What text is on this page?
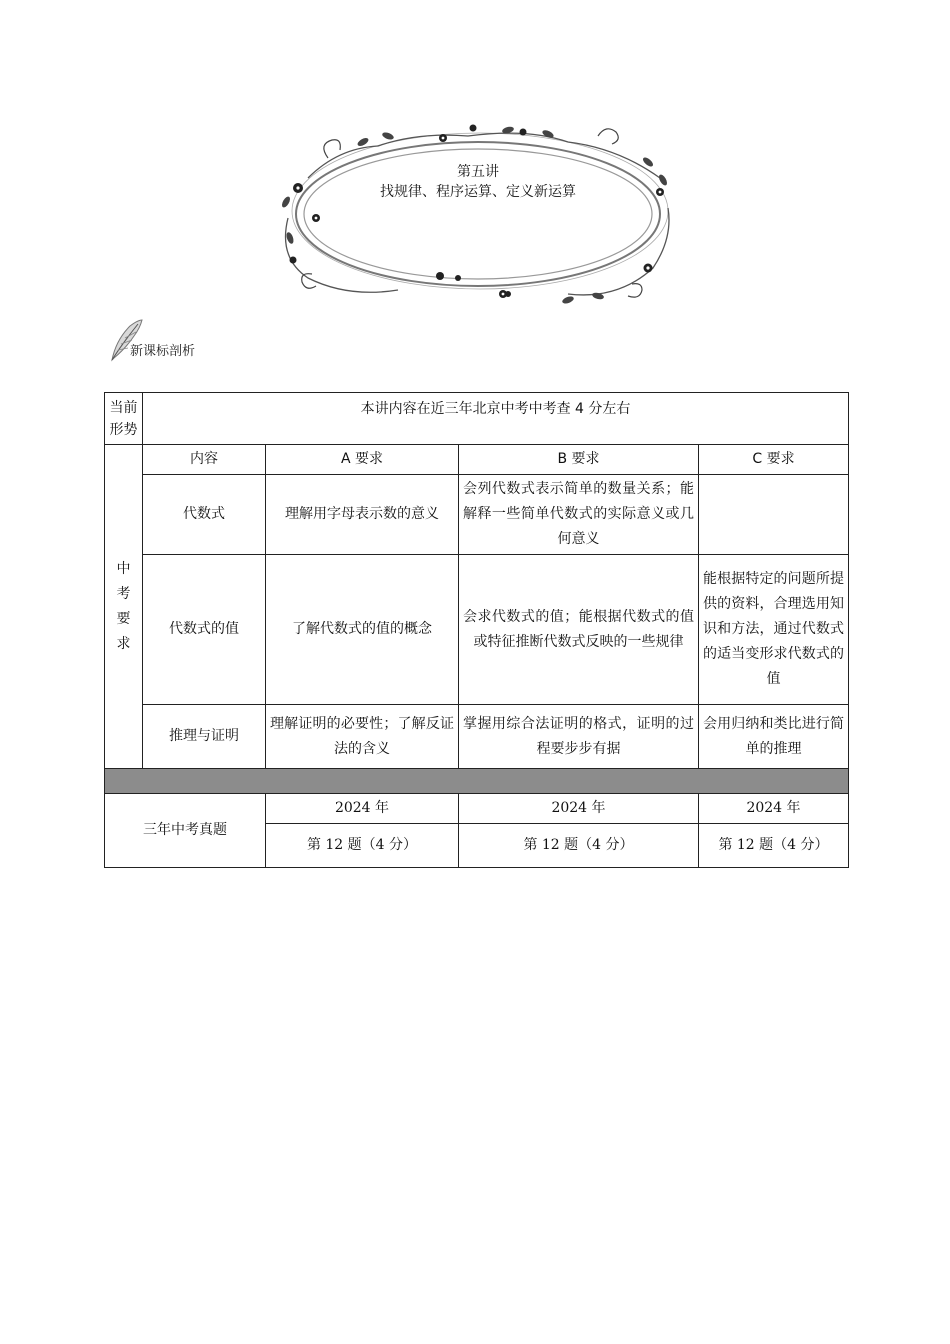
第五讲
找规律、程序运算、定义新运算
新课标剖析
当前形势	本讲内容在近三年北京中考中考查 4 分左右			

中
考
要
求	内容	A 要求	B 要求	C 要求
	代数式	理解用字母表示数的意义	会列代数式表示简单的数量关系；能解释一些简单代数式的实际意义或几何意义	
	代数式的值	了解代数式的值的概念	会求代数式的值；能根据代数式的值或特征推断代数式反映的一些规律	能根据特定的问题所提供的资料，合理选用知识和方法，通过代数式的适当变形求代数式的值
	推理与证明	理解证明的必要性；了解反证法的含义	掌握用综合法证明的格式，证明的过程要步步有据	会用归纳和类比进行简单的推理

三年中考真题		2024 年	2024 年	2024 年
		第 12 题（4 分）	第 12 题（4 分）	第 12 题（4 分）
